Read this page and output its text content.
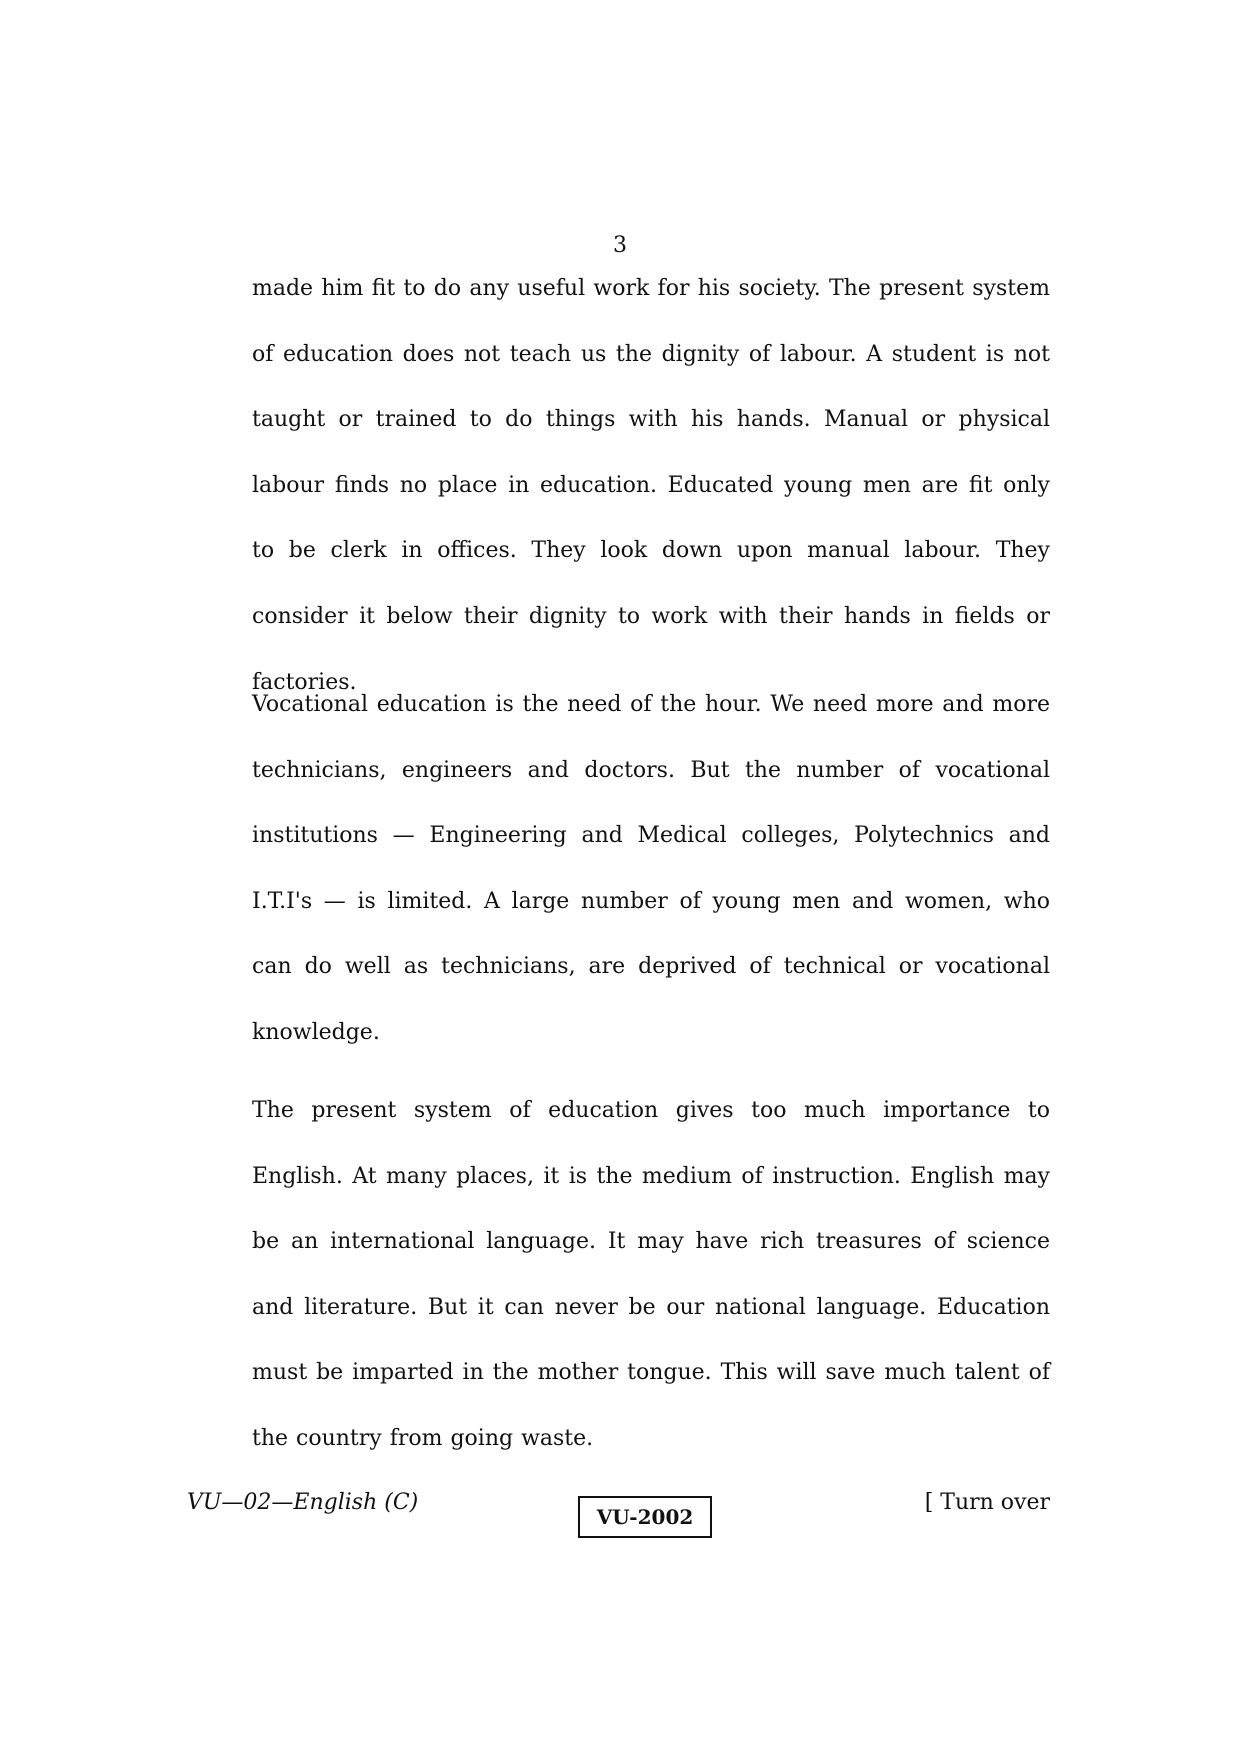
3

made him fit to do any useful work for his society. The present system of education does not teach us the dignity of labour. A student is not taught or trained to do things with his hands. Manual or physical labour finds no place in education. Educated young men are fit only to be clerk in offices. They look down upon manual labour. They consider it below their dignity to work with their hands in fields or factories.

Vocational education is the need of the hour. We need more and more technicians, engineers and doctors. But the number of vocational institutions — Engineering and Medical colleges, Polytechnics and I.T.I's — is limited. A large number of young men and women, who can do well as technicians, are deprived of technical or vocational knowledge.

The present system of education gives too much importance to English. At many places, it is the medium of instruction. English may be an international language. It may have rich treasures of science and literature. But it can never be our national language. Education must be imparted in the mother tongue. This will save much talent of the country from going waste.

VU—02—English (C)
VU-2002
[ Turn over
